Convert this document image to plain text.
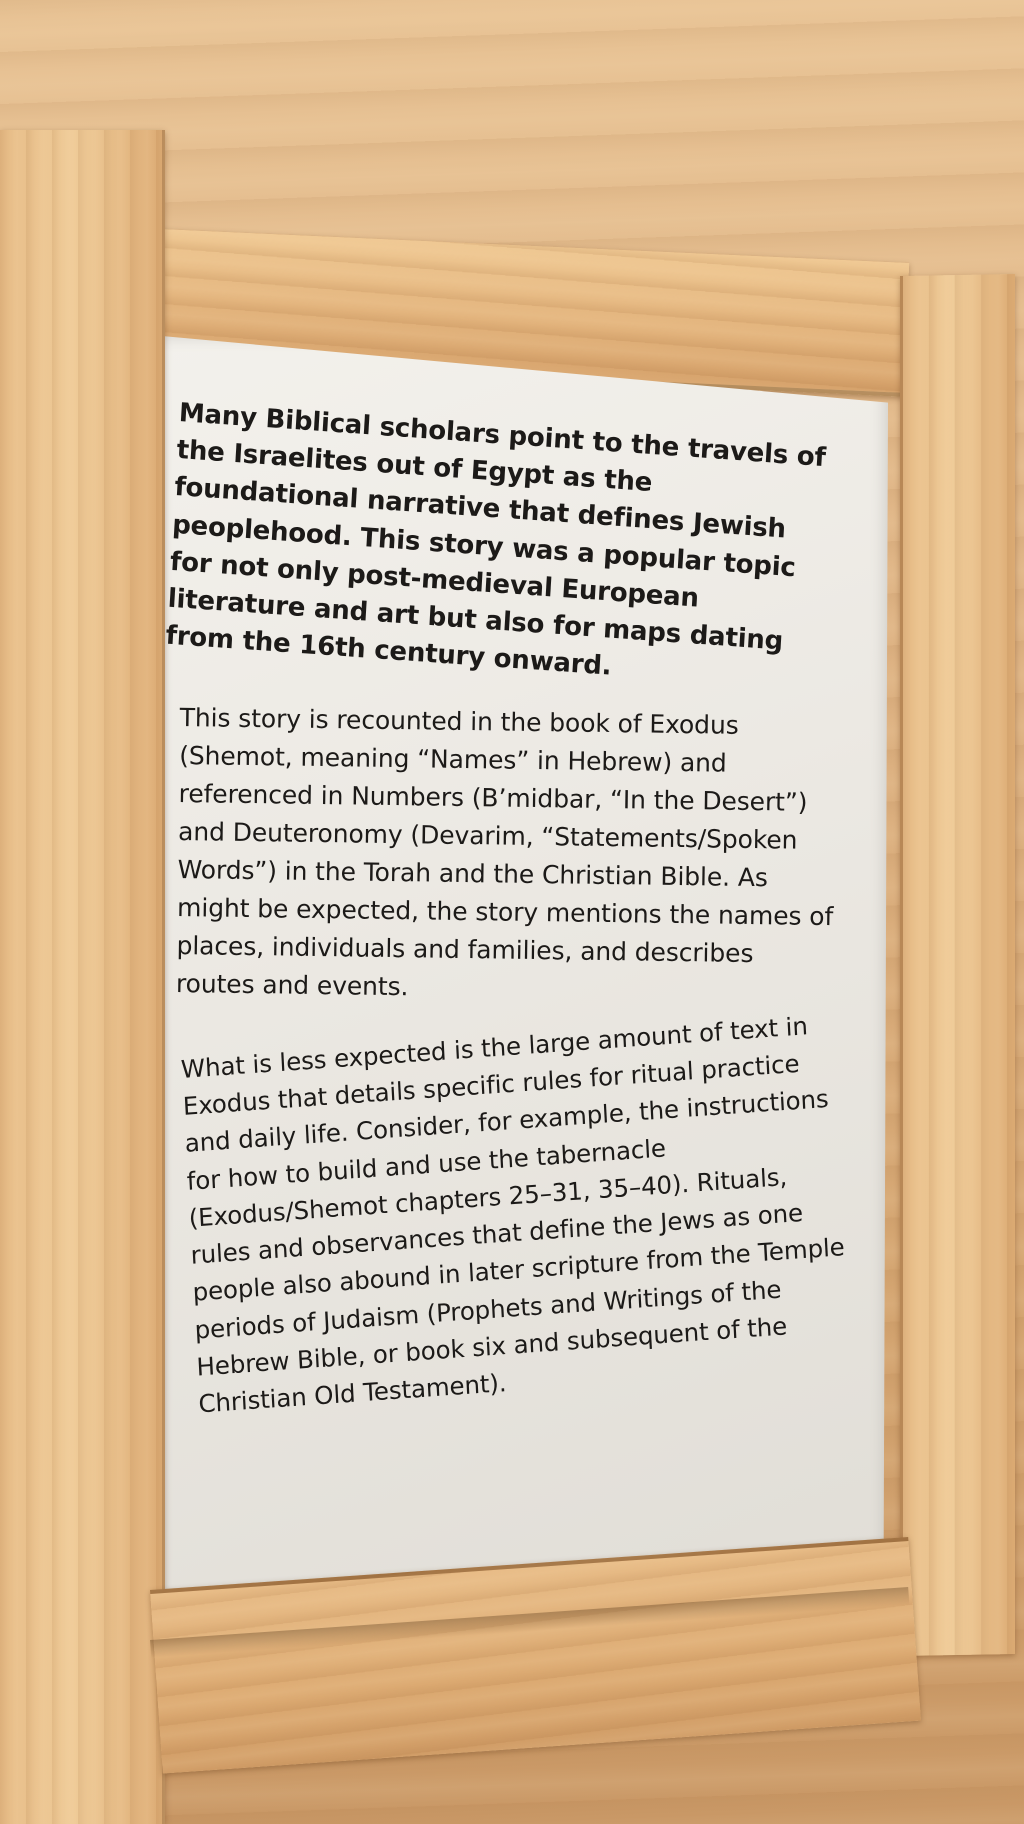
Many Biblical scholars point to the travels of the Israelites out of Egypt as the foundational narrative that defines Jewish peoplehood. This story was a popular topic for not only post-medieval European literature and art but also for maps dating from the 16th century onward.

This story is recounted in the book of Exodus (Shemot, meaning “Names” in Hebrew) and referenced in Numbers (B’midbar, “In the Desert”) and Deuteronomy (Devarim, “Statements/Spoken Words”) in the Torah and the Christian Bible. As might be expected, the story mentions the names of places, individuals and families, and describes routes and events.

What is less expected is the large amount of text in Exodus that details specific rules for ritual practice and daily life. Consider, for example, the instructions for how to build and use the tabernacle (Exodus/Shemot chapters 25–31, 35–40). Rituals, rules and observances that define the Jews as one people also abound in later scripture from the Temple periods of Judaism (Prophets and Writings of the Hebrew Bible, or book six and subsequent of the Christian Old Testament).
